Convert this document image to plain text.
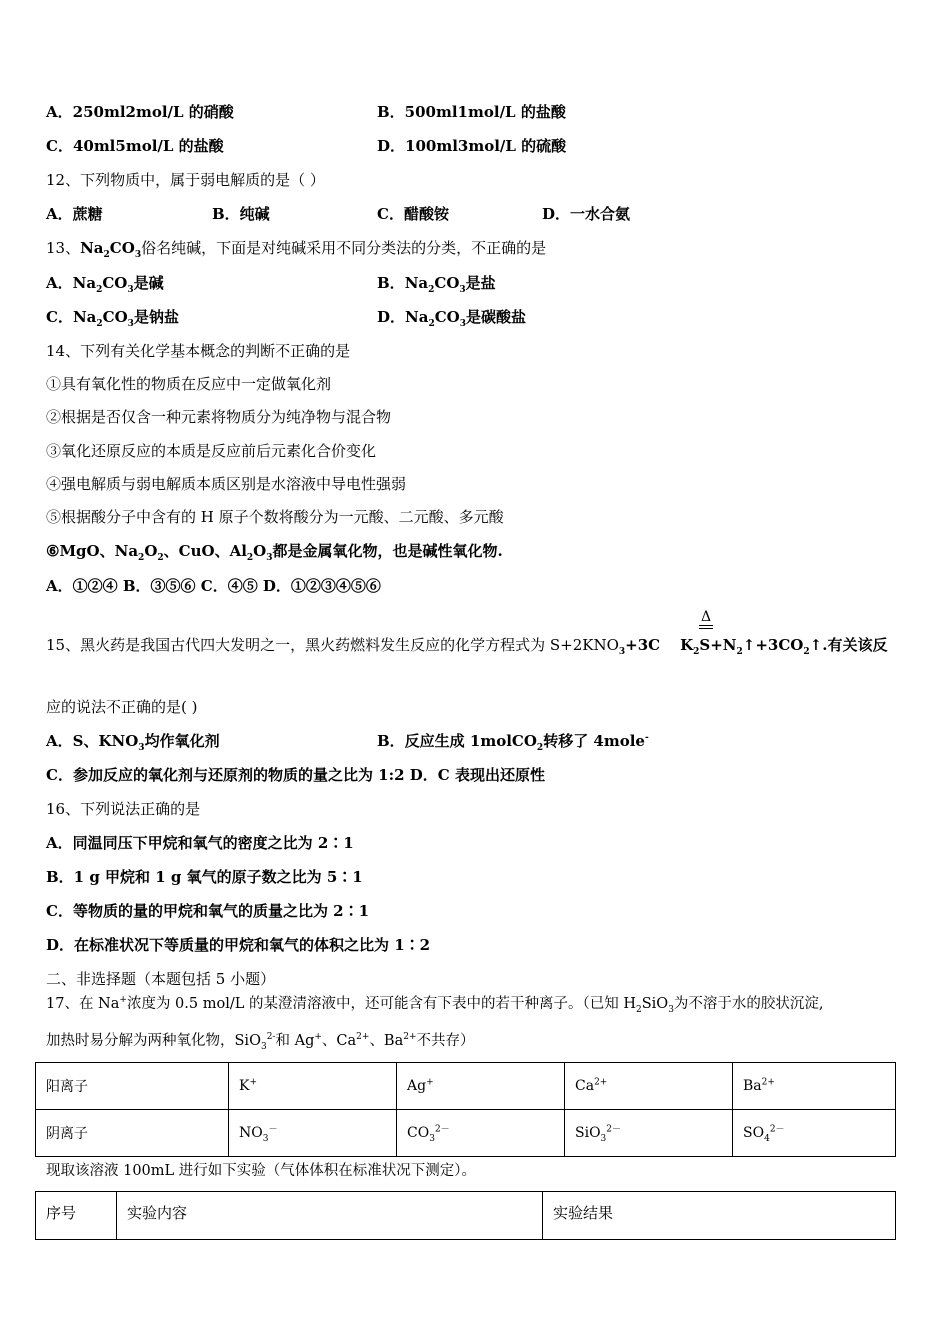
A．250ml2mol/L 的硝酸	B．500ml1mol/L 的盐酸
C．40ml5mol/L 的盐酸	D．100ml3mol/L 的硫酸
12、下列物质中，属于弱电解质的是（ ）
A．蔗糖	B．纯碱	C．醋酸铵	D．一水合氨
13、$Na_2CO_3$俗名纯碱，下面是对纯碱采用不同分类法的分类，不正确的是
A．$Na_2CO_3$是碱	B．$Na_2CO_3$是盐
C．$Na_2CO_3$是钠盐	D．$Na_2CO_3$是碳酸盐
14、下列有关化学基本概念的判断不正确的是
①具有氧化性的物质在反应中一定做氧化剂
②根据是否仅含一种元素将物质分为纯净物与混合物
③氧化还原反应的本质是反应前后元素化合价变化
④强电解质与弱电解质本质区别是水溶液中导电性强弱
⑤根据酸分子中含有的 H 原子个数将酸分为一元酸、二元酸、多元酸
⑥MgO、$Na_2O_2$、CuO、$Al_2O_3$都是金属氧化物，也是碱性氧化物.
A．①②④ B．③⑤⑥ C．④⑤ D．①②③④⑤⑥
Δ
15、黑火药是我国古代四大发明之一，黑火药燃料发生反应的化学方程式为 $S+2KNO_3+3C$ $K_2S+N_2↑+3CO_2↑$.有关该反
应的说法不正确的是( )
A．S、$KNO_3$均作氧化剂	B．反应生成 1molCO$_2$转移了 4mole-
C．参加反应的氧化剂与还原剂的物质的量之比为 1:2 D．C 表现出还原性
16、下列说法正确的是
A．同温同压下甲烷和氧气的密度之比为 2∶1
B．1 g 甲烷和 1 g 氧气的原子数之比为 5∶1
C．等物质的量的甲烷和氧气的质量之比为 2∶1
D．在标准状况下等质量的甲烷和氧气的体积之比为 1∶2
二、非选择题（本题包括 5 小题）
17、在 Na+浓度为 0.5 mol/L 的某澄清溶液中，还可能含有下表中的若干种离子。（已知 $H_2SiO_3$为不溶于水的胶状沉淀,
加热时易分解为两种氧化物，SiO$_3^{2-}$和 Ag+、$Ca^{2+}$、$Ba^{2+}$不共存）
阳离子	K+	Ag+	$Ca^{2+}$	$Ba^{2+}$
阴离子	$NO_3^-$	$CO_3^{2-}$	SiO$_3^{2-}$	$SO_4^{2-}$
现取该溶液 100mL 进行如下实验（气体体积在标准状况下测定）。
序号	实验内容	实验结果
